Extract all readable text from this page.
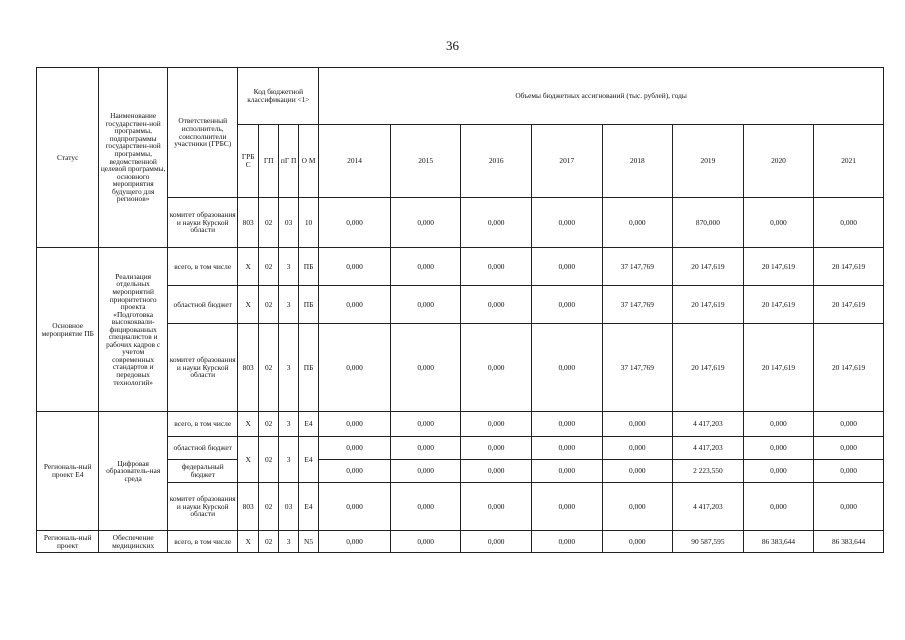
36
Статус	Наименование государствен-ной программы, подпрограммы государствен-ной программы, ведомственной целевой программы, основного мероприятия будущего для регионов»	Ответственный исполнитель, соисполнители участники (ГРБС)	Код бюджетной классификации <1>				Объемы бюджетных ассигнований (тыс. рублей), годы							
			ГРБ С	ГП	пГ П	О М	2014	2015	2016	2017	2018	2019	2020	2021
		комитет образования и науки Курской области	803	02	03	10	0,000	0,000	0,000	0,000	0,000	870,000	0,000	0,000
Основное мероприятие ПБ	Реализация отдельных мероприятий приоритетного проекта «Подготовка высококвали-фицированных специалистов и рабочих кадров с учетом современных стандартов и передовых технологий»	всего, в том числе	Х	02	3	ПБ	0,000	0,000	0,000	0,000	37 147,769	20 147,619	20 147,619	20 147,619
		областной бюджет	Х	02	3	ПБ	0,000	0,000	0,000	0,000	37 147,769	20 147,619	20 147,619	20 147,619
		комитет образования и науки Курской области	803	02	3	ПБ	0,000	0,000	0,000	0,000	37 147,769	20 147,619	20 147,619	20 147,619
Региональ-ный проект Е4	Цифровая образователь-ная среда	всего, в том числе	Х	02	3	Е4	0,000	0,000	0,000	0,000	0,000	4 417,203	0,000	0,000
		областной бюджет	Х	02	3	Е4	0,000	0,000	0,000	0,000	0,000	4 417,203	0,000	0,000
		федеральный бюджет					0,000	0,000	0,000	0,000	0,000	2 223,550	0,000	0,000
		комитет образования и науки Курской области	803	02	03	Е4	0,000	0,000	0,000	0,000	0,000	4 417,203	0,000	0,000
Региональ-ный проект	Обеспечение медицинских	всего, в том числе	Х	02	3	N5	0,000	0,000	0,000	0,000	0,000	90 587,595	86 383,644	86 383,644
